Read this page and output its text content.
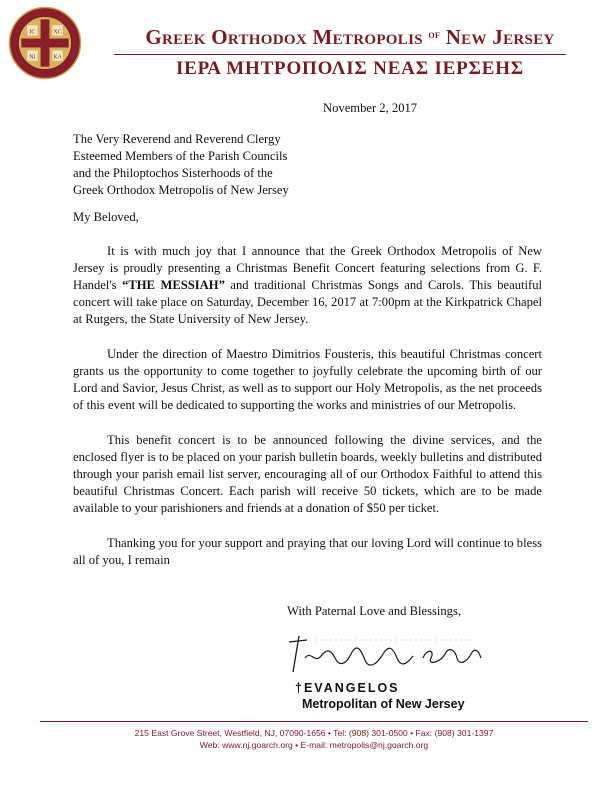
IC XC
NI KA
Greek Orthodox Metropolis $^{of}$ New Jersey
ΙΕΡΑ ΜΗΤΡΟΠΟΛΙΣ ΝΕΑΣ ΙΕΡΣΕΗΣ
November 2, 2017
The Very Reverend and Reverend Clergy
Esteemed Members of the Parish Councils
and the Philoptochos Sisterhoods of the
Greek Orthodox Metropolis of New Jersey
My Beloved,

It is with much joy that I announce that the Greek Orthodox Metropolis of New Jersey is proudly presenting a Christmas Benefit Concert featuring selections from G. F. Handel's “THE MESSIAH” and traditional Christmas Songs and Carols. This beautiful concert will take place on Saturday, December 16, 2017 at 7:00pm at the Kirkpatrick Chapel at Rutgers, the State University of New Jersey.

Under the direction of Maestro Dimitrios Fousteris, this beautiful Christmas concert grants us the opportunity to come together to joyfully celebrate the upcoming birth of our Lord and Savior, Jesus Christ, as well as to support our Holy Metropolis, as the net proceeds of this event will be dedicated to supporting the works and ministries of our Metropolis.

This benefit concert is to be announced following the divine services, and the enclosed flyer is to be placed on your parish bulletin boards, weekly bulletins and distributed through your parish email list server, encouraging all of our Orthodox Faithful to attend this beautiful Christmas Concert. Each parish will receive 50 tickets, which are to be made available to your parishioners and friends at a donation of $50 per ticket.

Thanking you for your support and praying that our loving Lord will continue to bless all of you, I remain

With Paternal Love and Blessings,
†EVANGELOS
Metropolitan of New Jersey
215 East Grove Street, Westfield, NJ, 07090-1656 • Tel: (908) 301-0500 • Fax: (908) 301-1397
Web: www.nj.goarch.org • E-mail: metropolis@nj.goarch.org
